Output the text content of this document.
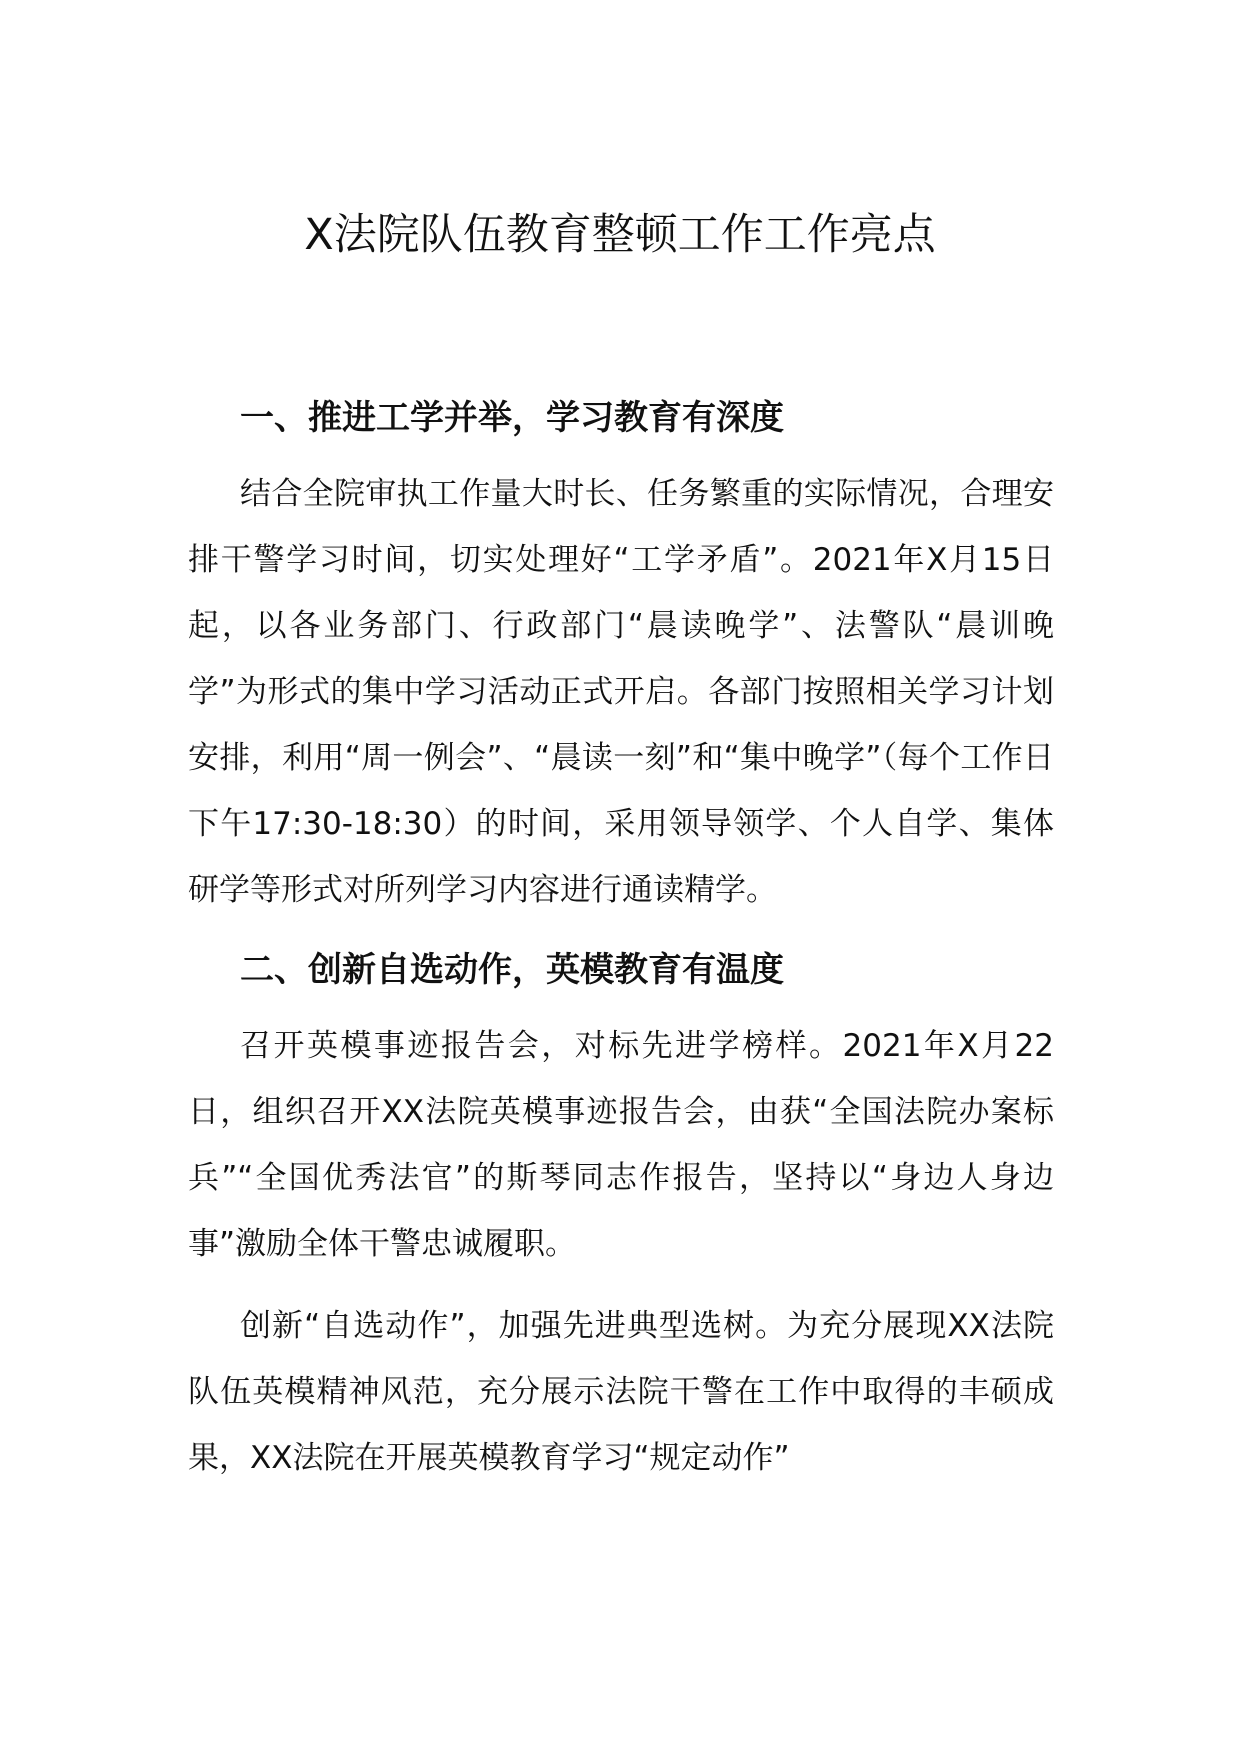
X法院队伍教育整顿工作工作亮点
一、推进工学并举，学习教育有深度

结合全院审执工作量大时长、任务繁重的实际情况，合理安排干警学习时间，切实处理好“工学矛盾”。2021年X月15日起，以各业务部门、行政部门“晨读晚学”、法警队“晨训晚学”为形式的集中学习活动正式开启。各部门按照相关学习计划安排，利用“周一例会”、“晨读一刻”和“集中晚学”（每个工作日下午17:30-18:30）的时间，采用领导领学、个人自学、集体研学等形式对所列学习内容进行通读精学。

二、创新自选动作，英模教育有温度

召开英模事迹报告会，对标先进学榜样。2021年X月22日，组织召开XX法院英模事迹报告会，由获“全国法院办案标兵”“全国优秀法官”的斯琴同志作报告，坚持以“身边人身边事”激励全体干警忠诚履职。

创新“自选动作”，加强先进典型选树。为充分展现XX法院队伍英模精神风范，充分展示法院干警在工作中取得的丰硕成果，XX法院在开展英模教育学习“规定动作”
